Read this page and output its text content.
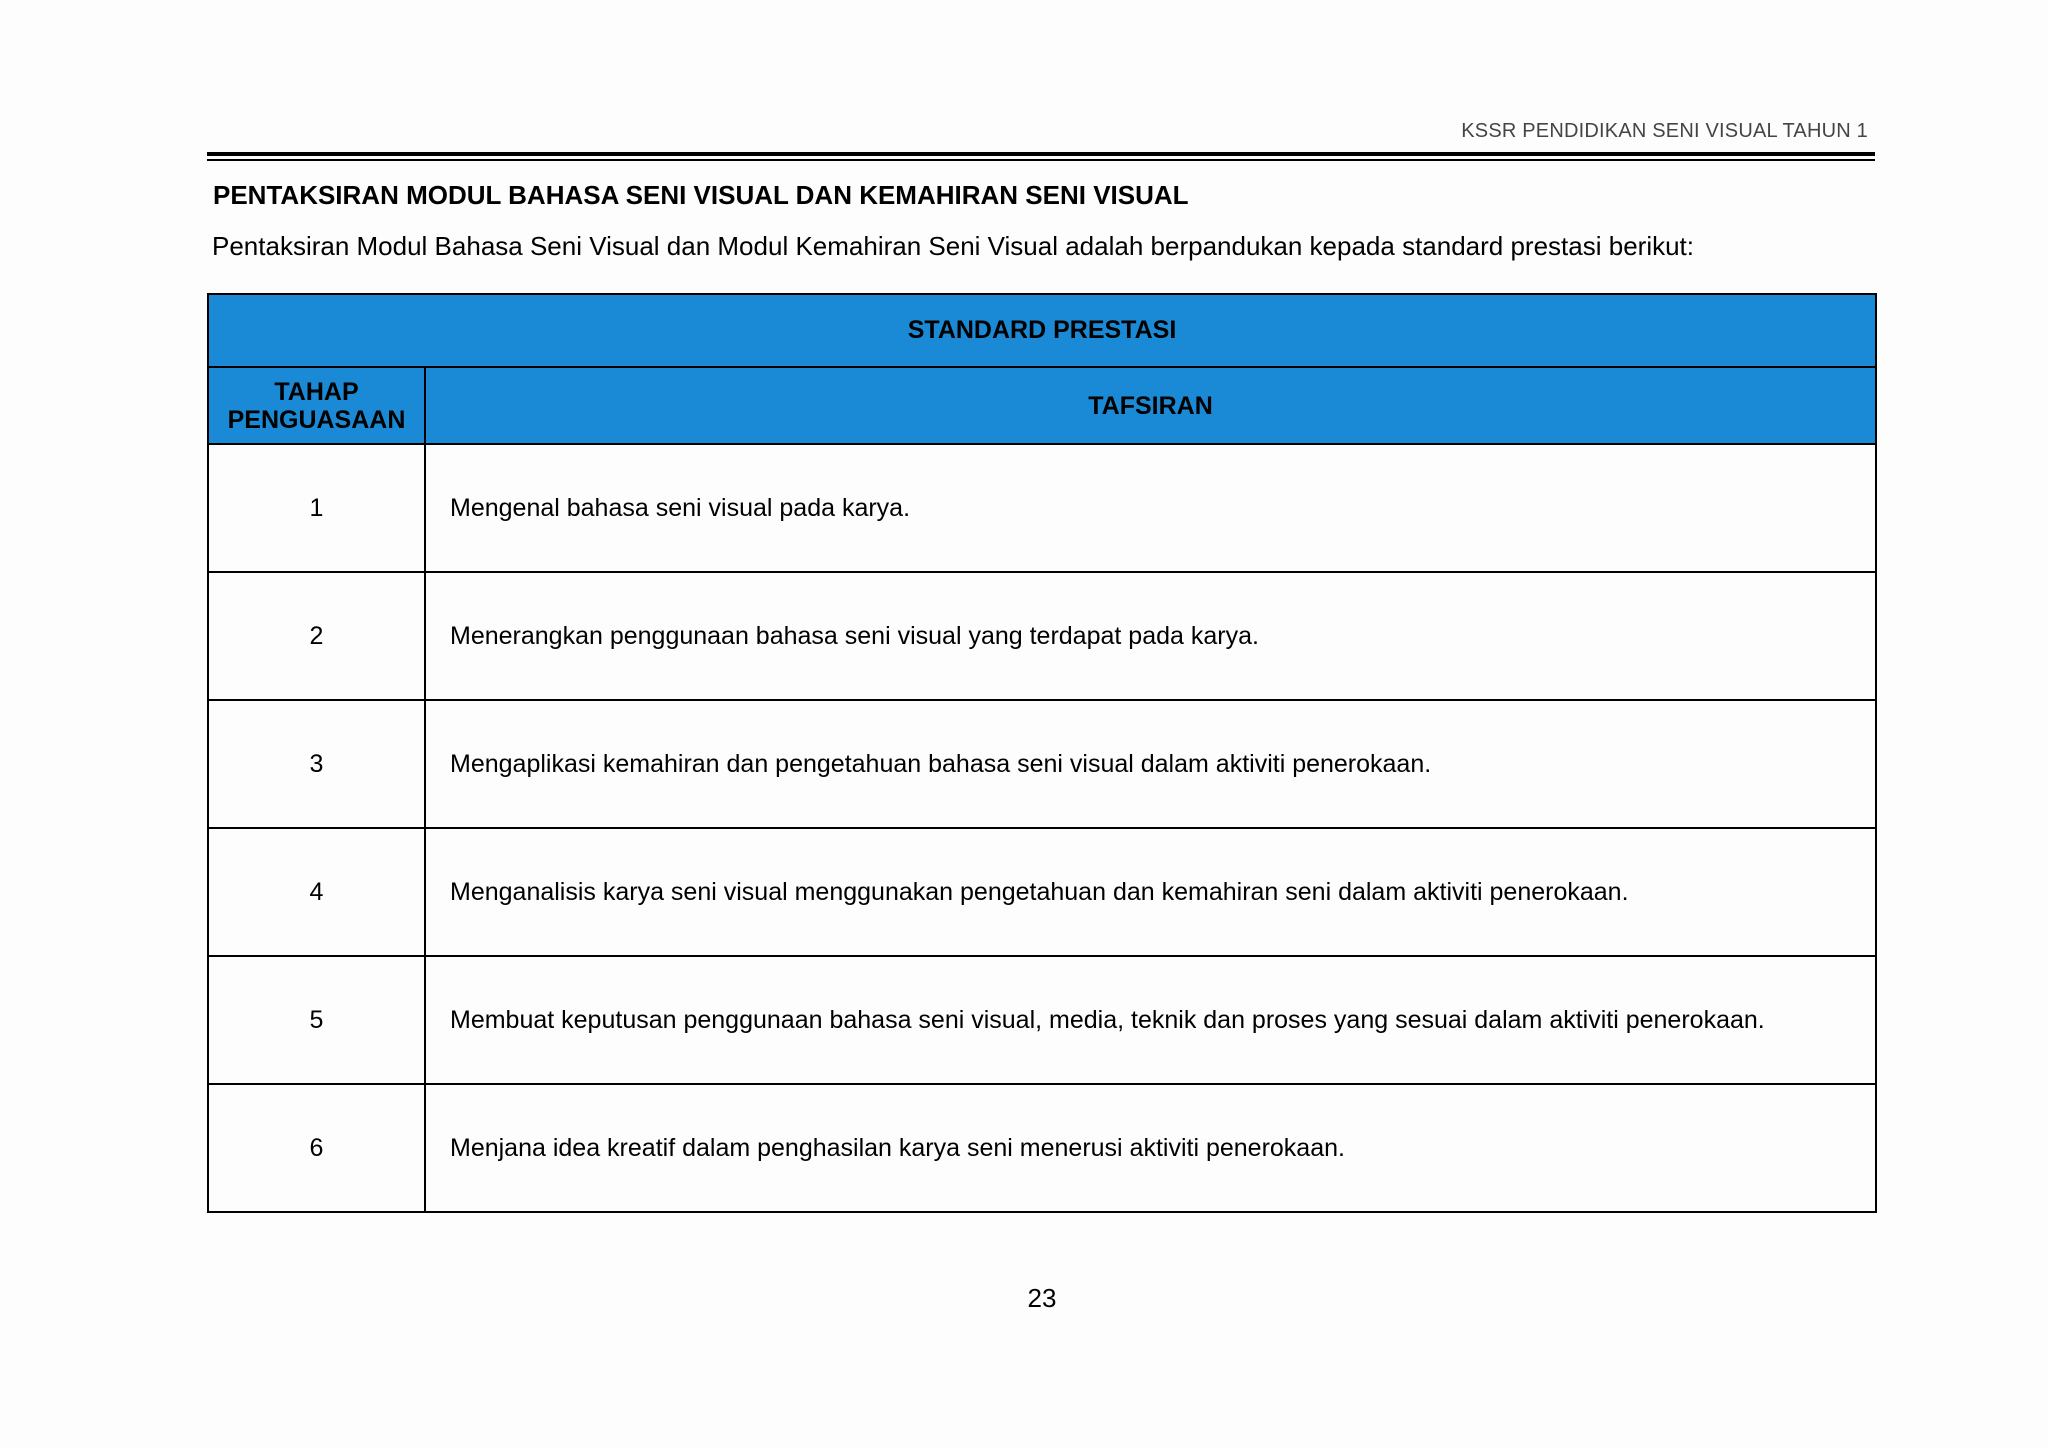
KSSR PENDIDIKAN SENI VISUAL TAHUN 1
PENTAKSIRAN MODUL BAHASA SENI VISUAL DAN KEMAHIRAN SENI VISUAL
Pentaksiran Modul Bahasa Seni Visual dan Modul Kemahiran Seni Visual adalah berpandukan kepada standard prestasi berikut:
STANDARD PRESTASI	
TAHAP PENGUASAAN	TAFSIRAN
1	Mengenal bahasa seni visual pada karya.
2	Menerangkan penggunaan bahasa seni visual yang terdapat pada karya.
3	Mengaplikasi kemahiran dan pengetahuan bahasa seni visual dalam aktiviti penerokaan.
4	Menganalisis karya seni visual menggunakan pengetahuan dan kemahiran seni dalam aktiviti penerokaan.
5	Membuat keputusan penggunaan bahasa seni visual, media, teknik dan proses yang sesuai dalam aktiviti penerokaan.
6	Menjana idea kreatif dalam penghasilan karya seni menerusi aktiviti penerokaan.
23
